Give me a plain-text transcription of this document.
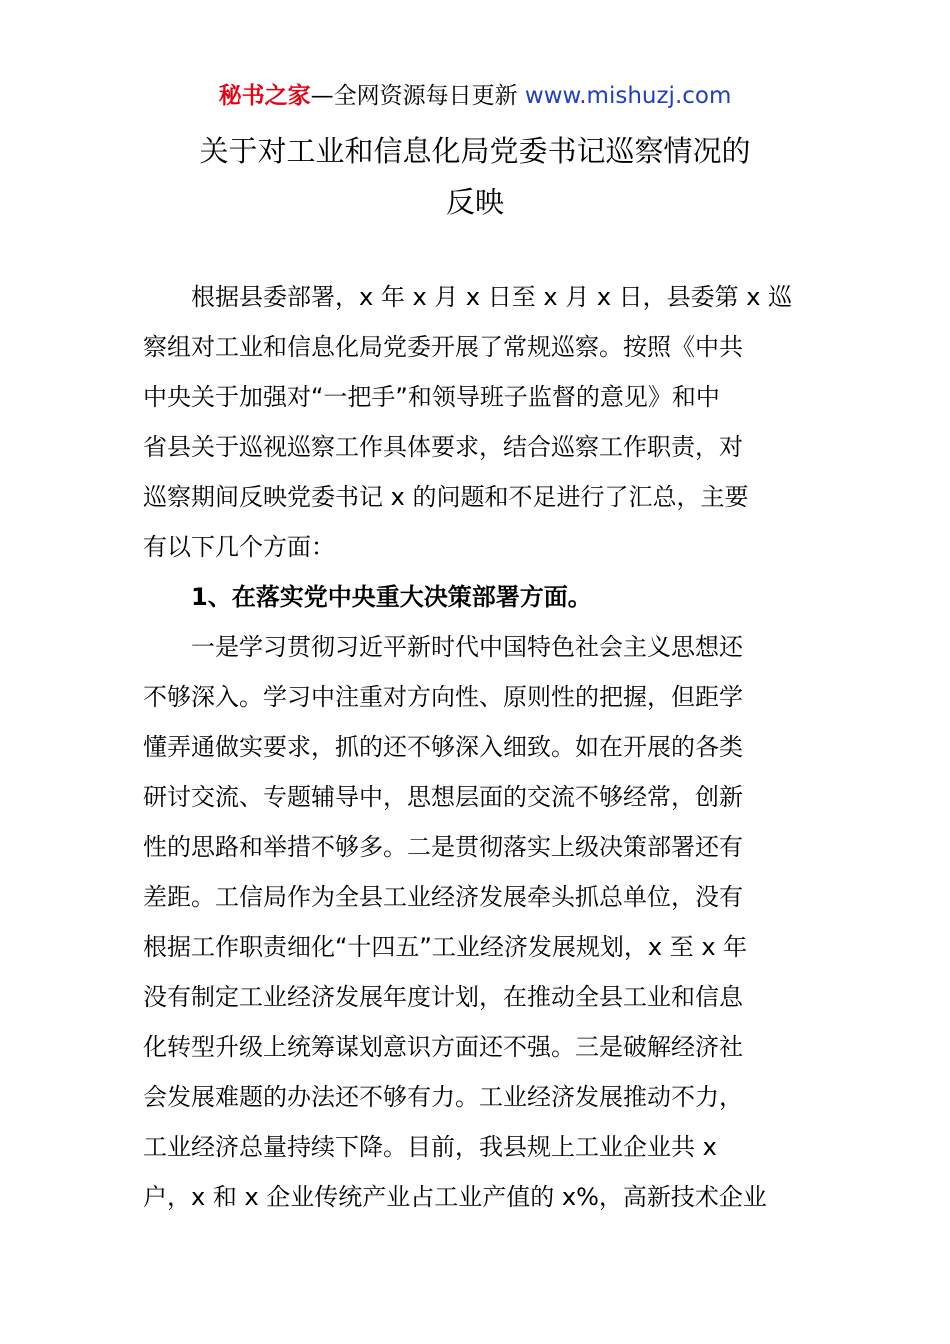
秘书之家—全网资源每日更新 www.mishuzj.com
关于对工业和信息化局党委书记巡察情况的
反映
根据县委部署，x 年 x 月 x 日至 x 月 x 日，县委第 x 巡
察组对工业和信息化局党委开展了常规巡察。按照《中共
中央关于加强对“一把手”和领导班子监督的意见》和中
省县关于巡视巡察工作具体要求，结合巡察工作职责，对
巡察期间反映党委书记 x 的问题和不足进行了汇总，主要
有以下几个方面：
1、在落实党中央重大决策部署方面。
一是学习贯彻习近平新时代中国特色社会主义思想还
不够深入。学习中注重对方向性、原则性的把握，但距学
懂弄通做实要求，抓的还不够深入细致。如在开展的各类
研讨交流、专题辅导中，思想层面的交流不够经常，创新
性的思路和举措不够多。二是贯彻落实上级决策部署还有
差距。工信局作为全县工业经济发展牵头抓总单位，没有
根据工作职责细化“十四五”工业经济发展规划，x 至 x 年
没有制定工业经济发展年度计划，在推动全县工业和信息
化转型升级上统筹谋划意识方面还不强。三是破解经济社
会发展难题的办法还不够有力。工业经济发展推动不力，
工业经济总量持续下降。目前，我县规上工业企业共 x
户，x 和 x 企业传统产业占工业产值的 x%，高新技术企业
